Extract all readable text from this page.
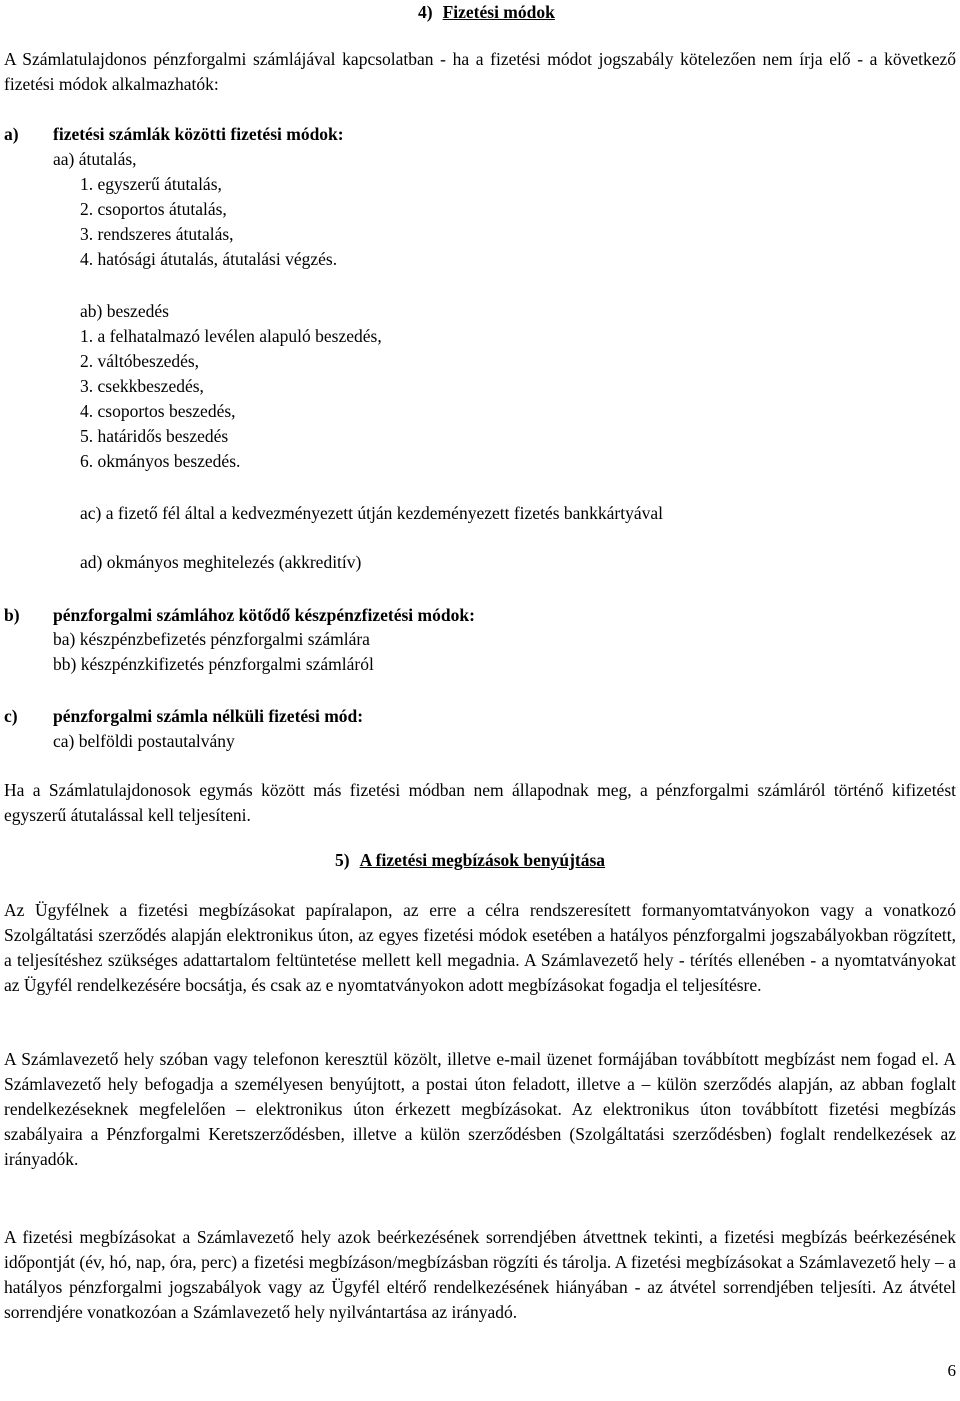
4) Fizetési módok

A Számlatulajdonos pénzforgalmi számlájával kapcsolatban - ha a fizetési módot jogszabály kötelezően nem írja elő - a következő fizetési módok alkalmazhatók:

a) fizetési számlák közötti fizetési módok:
aa) átutalás,
1. egyszerű átutalás,
2. csoportos átutalás,
3. rendszeres átutalás,
4. hatósági átutalás, átutalási végzés.
ab) beszedés
1. a felhatalmazó levélen alapuló beszedés,
2. váltóbeszedés,
3. csekkbeszedés,
4. csoportos beszedés,
5. határidős beszedés
6. okmányos beszedés.
ac) a fizető fél által a kedvezményezett útján kezdeményezett fizetés bankkártyával
ad) okmányos meghitelezés (akkreditív)
b) pénzforgalmi számlához kötődő készpénzfizetési módok:
ba) készpénzbefizetés pénzforgalmi számlára
bb) készpénzkifizetés pénzforgalmi számláról
c) pénzforgalmi számla nélküli fizetési mód:
ca) belföldi postautalvány

Ha a Számlatulajdonosok egymás között más fizetési módban nem állapodnak meg, a pénzforgalmi számláról történő kifizetést egyszerű átutalással kell teljesíteni.

5) A fizetési megbízások benyújtása

Az Ügyfélnek a fizetési megbízásokat papíralapon, az erre a célra rendszeresített formanyomtatványokon vagy a vonatkozó Szolgáltatási szerződés alapján elektronikus úton, az egyes fizetési módok esetében a hatályos pénzforgalmi jogszabályokban rögzített, a teljesítéshez szükséges adattartalom feltüntetése mellett kell megadnia. A Számlavezető hely - térítés ellenében - a nyomtatványokat az Ügyfél rendelkezésére bocsátja, és csak az e nyomtatványokon adott megbízásokat fogadja el teljesítésre.

A Számlavezető hely szóban vagy telefonon keresztül közölt, illetve e-mail üzenet formájában továbbított megbízást nem fogad el. A Számlavezető hely befogadja a személyesen benyújtott, a postai úton feladott, illetve a – külön szerződés alapján, az abban foglalt rendelkezéseknek megfelelően – elektronikus úton érkezett megbízásokat. Az elektronikus úton továbbított fizetési megbízás szabályaira a Pénzforgalmi Keretszerződésben, illetve a külön szerződésben (Szolgáltatási szerződésben) foglalt rendelkezések az irányadók.

A fizetési megbízásokat a Számlavezető hely azok beérkezésének sorrendjében átvettnek tekinti, a fizetési megbízás beérkezésének időpontját (év, hó, nap, óra, perc) a fizetési megbízáson/megbízásban rögzíti és tárolja. A fizetési megbízásokat a Számlavezető hely – a hatályos pénzforgalmi jogszabályok vagy az Ügyfél eltérő rendelkezésének hiányában - az átvétel sorrendjében teljesíti. Az átvétel sorrendjére vonatkozóan a Számlavezető hely nyilvántartása az irányadó.

6
